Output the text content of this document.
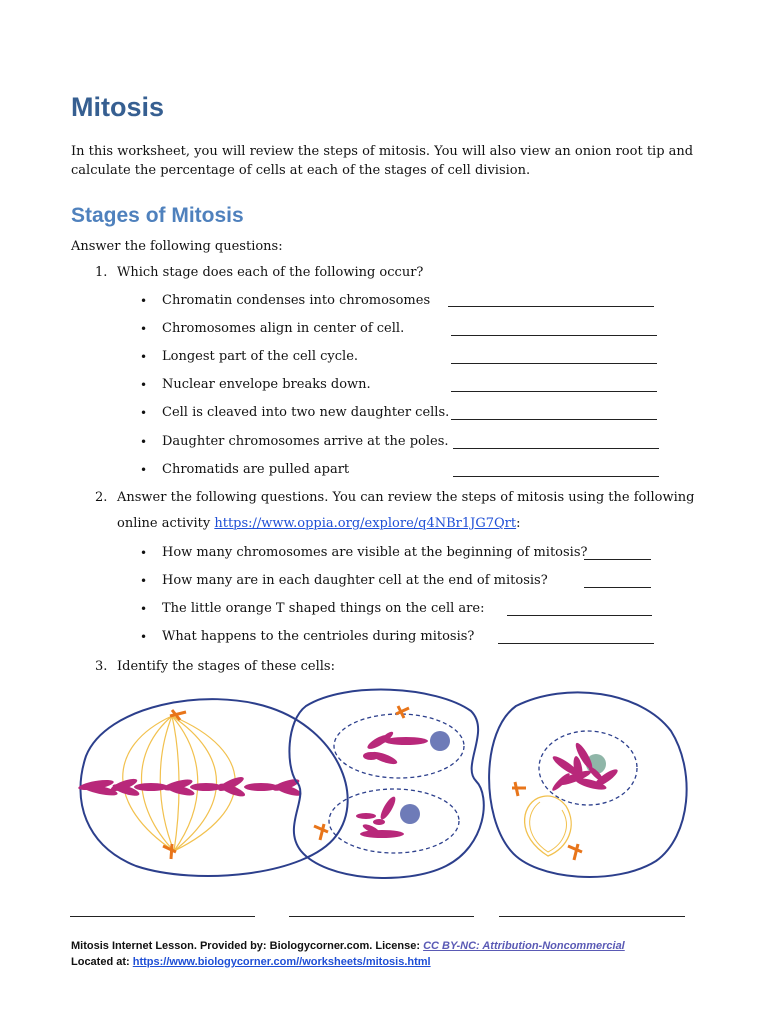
Mitosis

In this worksheet, you will review the steps of mitosis. You will also view an onion root tip and calculate the percentage of cells at each of the stages of cell division.

Stages of Mitosis
Answer the following questions:
1. Which stage does each of the following occur?
• Chromatin condenses into chromosomes
• Chromosomes align in center of cell.
• Longest part of the cell cycle.
• Nuclear envelope breaks down.
• Cell is cleaved into two new daughter cells.
• Daughter chromosomes arrive at the poles.
• Chromatids are pulled apart
2. Answer the following questions. You can review the steps of mitosis using the following
online activity https://www.oppia.org/explore/q4NBr1JG7Qrt:
• How many chromosomes are visible at the beginning of mitosis?
• How many are in each daughter cell at the end of mitosis?
• The little orange T shaped things on the cell are:
• What happens to the centrioles during mitosis?
3. Identify the stages of these cells:
Mitosis Internet Lesson. Provided by: Biologycorner.com. License: CC BY-NC: Attribution-Noncommercial
Located at: https://www.biologycorner.com//worksheets/mitosis.html
